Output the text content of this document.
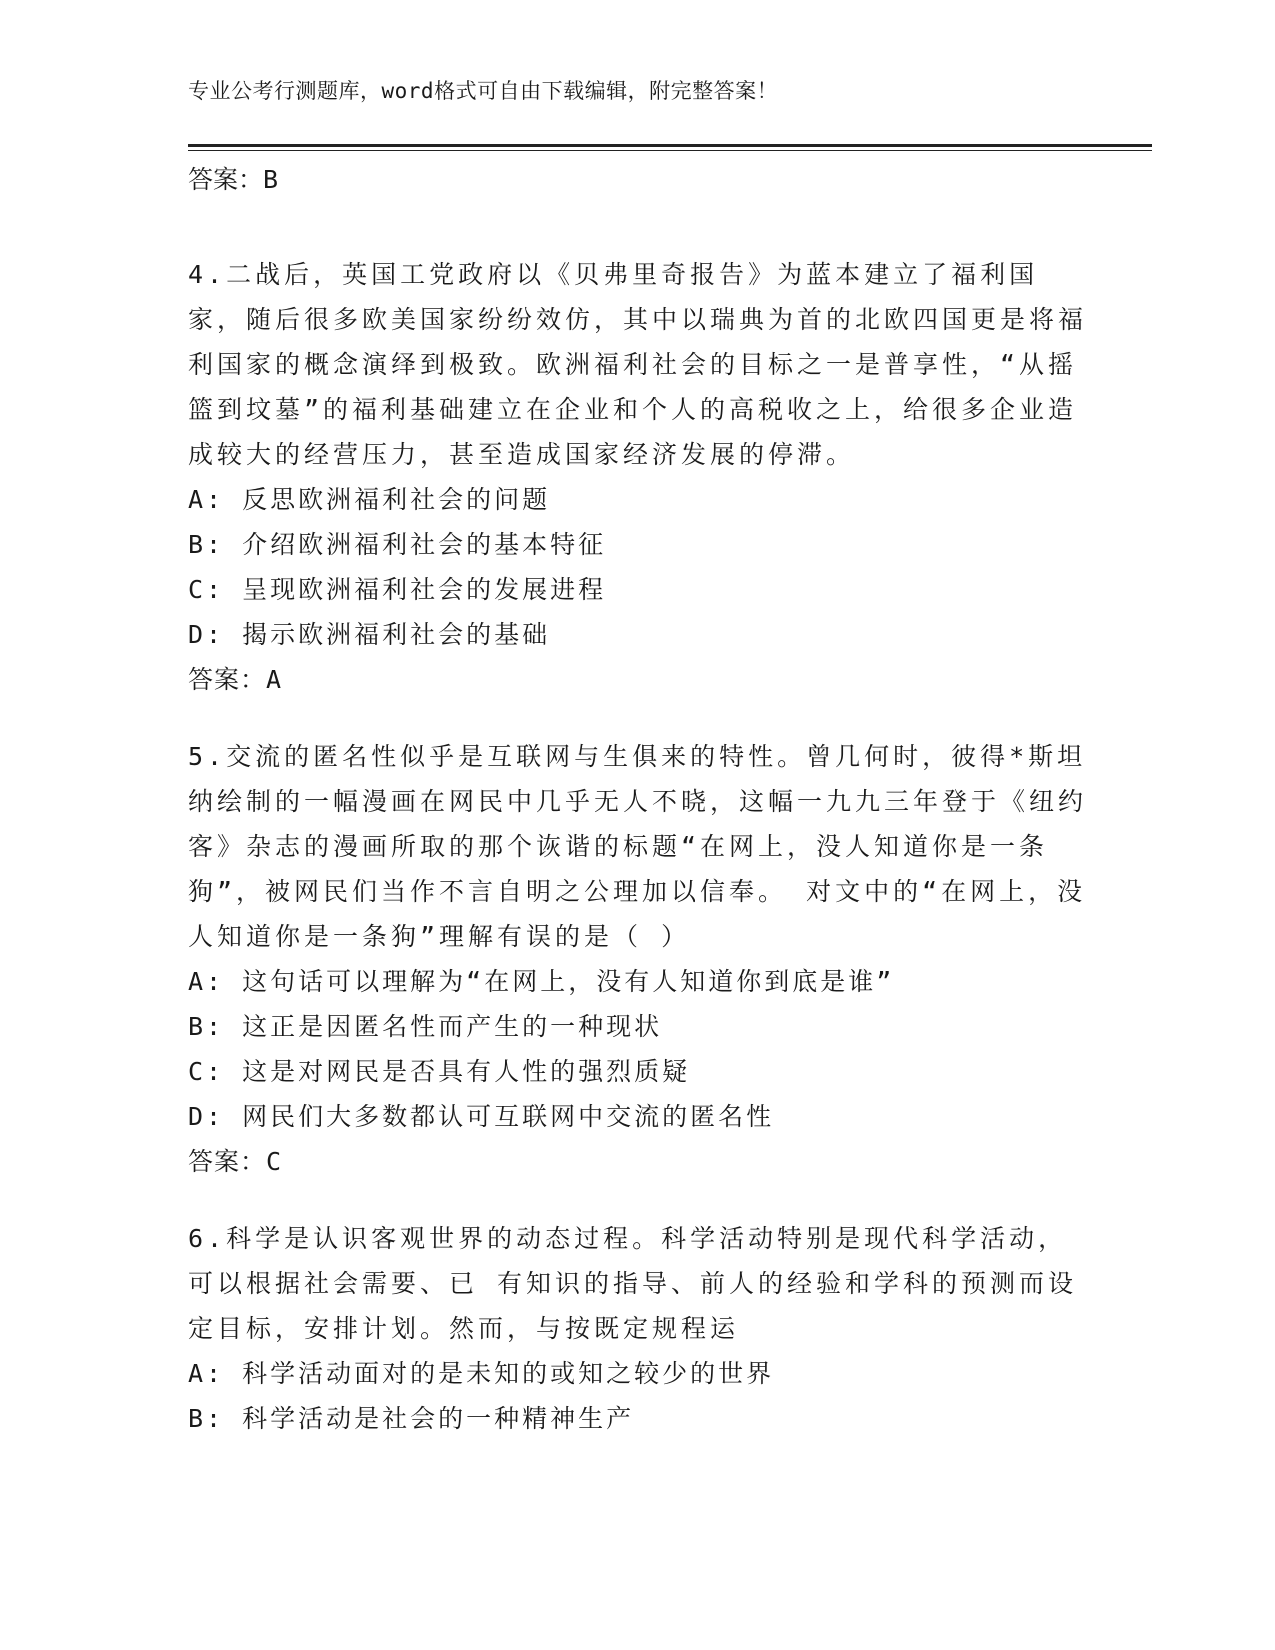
专业公考行测题库，word格式可自由下载编辑，附完整答案！
答案：B

4.二战后，英国工党政府以《贝弗里奇报告》为蓝本建立了福利国家，随后很多欧美国家纷纷效仿，其中以瑞典为首的北欧四国更是将福利国家的概念演绎到极致。欧洲福利社会的目标之一是普享性，“从摇篮到坟墓”的福利基础建立在企业和个人的高税收之上，给很多企业造成较大的经营压力，甚至造成国家经济发展的停滞。

A: 反思欧洲福利社会的问题

B: 介绍欧洲福利社会的基本特征

C: 呈现欧洲福利社会的发展进程

D: 揭示欧洲福利社会的基础

答案：A

5.交流的匿名性似乎是互联网与生俱来的特性。曾几何时，彼得*斯坦纳绘制的一幅漫画在网民中几乎无人不晓，这幅一九九三年登于《纽约客》杂志的漫画所取的那个诙谐的标题“在网上，没人知道你是一条狗”，被网民们当作不言自明之公理加以信奉。 对文中的“在网上，没人知道你是一条狗”理解有误的是（ ）

A: 这句话可以理解为“在网上，没有人知道你到底是谁”

B: 这正是因匿名性而产生的一种现状

C: 这是对网民是否具有人性的强烈质疑

D: 网民们大多数都认可互联网中交流的匿名性

答案：C

6.科学是认识客观世界的动态过程。科学活动特别是现代科学活动，可以根据社会需要、已 有知识的指导、前人的经验和学科的预测而设定目标，安排计划。然而，与按既定规程运

A: 科学活动面对的是未知的或知之较少的世界

B: 科学活动是社会的一种精神生产
